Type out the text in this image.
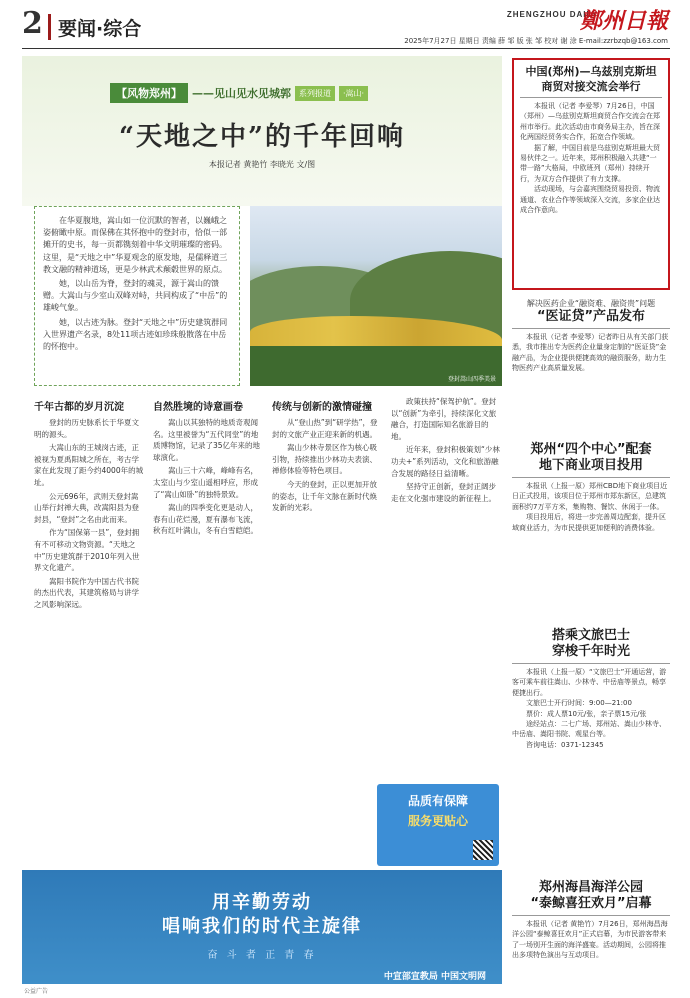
2 要闻·综合
ZHENGZHOU DAILY
鄭州日報
2025年7月27日 星期日 责编 薛 邹 版 张 邹 校对 谢 涂 E-mail:zzrbzqb@163.com
【风物郑州】 ——见山见水见城郭	系列报道	·嵩山·
“天地之中”的千年回响
本报记者 黄艳竹 李晓光 文/图

在华夏腹地，嵩山如一位沉默的智者，以巍峨之姿俯瞰中原。而保佛在其怀抱中的登封市，恰似一部摊开的史书，每一页都镌刻着中华文明璀璨的密码。这里，是“天地之中”华夏观念的原发地，是儒释道三教文融的精神道场，更是少林武术颠毂世界的原点。

她，以山岳为脊，登封的魂灵，源于嵩山的馈赠。大嵩山与少室山双峰对峙，共同构成了“中岳”的雄峻气象。

她，以古迹为脉。登封“天地之中”历史建筑群同入世界遗产名录，8处11项古迹如珍珠般散落在中岳的怀抱中。

登封嵩山四季美景
千年古都的岁月沉淀

登封的历史脉系长于华夏文明的源头。

大嵩山东的王城岗古迹，正被视为夏禹阳城之所在，考古学家在此发现了距今约4000年的城址。

公元696年，武则天登封嵩山举行封禅大典，改嵩阳县为登封县，“登封”之名由此而来。

作为“国保第一县”，登封拥有不可移动文物资源。“天地之中”历史建筑群于2010年列入世界文化遗产。

嵩阳书院作为中国古代书院的杰出代表，其建筑格局与讲学之风影响深远。

自然胜境的诗意画卷

嵩山以其独特的地质奇观闻名。这里被誉为“五代同堂”的地质博物馆，记录了35亿年来的地球演化。

嵩山三十六峰，峰峰有名，太室山与少室山遥相呼应，形成了“嵩山如卧”的独特景致。

嵩山的四季变化更是动人，春有山花烂漫，夏有瀑布飞流，秋有红叶满山，冬有白雪皑皑。

传统与创新的激情碰撞

从“登山热”到“研学热”，登封的文旅产业正迎来新的机遇。

嵩山少林寺景区作为核心吸引物，持续推出少林功夫表演、禅修体验等特色项目。

今天的登封，正以更加开放的姿态，让千年文脉在新时代焕发新的光彩。

政策扶持“保驾护航”。登封以“创新”为牵引，持续深化文旅融合，打造国际知名旅游目的地。

近年来，登封积极策划“少林功夫+”系列活动，文化和旅游融合发展的路径日益清晰。

坚持守正创新，登封正阔步走在文化强市建设的新征程上。

品质有保障
服务更贴心
用辛勤劳动
唱响我们的时代主旋律
奋 斗 者 正 青 春
中宣部宣教局 中国文明网
公益广告
中国(郑州)—乌兹别克斯坦
商贸对接交流会举行

本报讯（记者 李爱琴）7月26日，中国（郑州）—乌兹别克斯坦商贸合作交流会在郑州市举行。此次活动由市商务局主办，旨在深化两国经贸务实合作，拓宽合作领域。

据了解，中国目前是乌兹别克斯坦最大贸易伙伴之一。近年来，郑州积极融入共建“一带一路”大格局，中欧班列（郑州）持续开行，为双方合作提供了有力支撑。

活动现场，与会嘉宾围绕贸易投资、物流通道、农业合作等领域深入交流，多家企业达成合作意向。

解决医药企业“融资难、融资贵”问题
“医证贷”产品发布

本报讯（记者 李爱琴）记者昨日从有关部门获悉，我市推出专为医药企业量身定制的“医证贷”金融产品，为企业提供便捷高效的融资服务，助力生物医药产业高质量发展。

郑州“四个中心”配套
地下商业项目投用

本报讯（上报一原）郑州CBD地下商业项目近日正式投用，该项目位于郑州市郑东新区，总建筑面积约7万平方米，集购物、餐饮、休闲于一体。

项目投用后，将进一步完善周边配套，提升区域商业活力，为市民提供更加便利的消费体验。

搭乘文旅巴士
穿梭千年时光

本报讯（上报一原）“文旅巴士”开通运营，游客可乘车前往嵩山、少林寺、中岳庙等景点，畅享便捷出行。

文旅巴士开行时间：9:00—21:00

票价：成人票10元/张，亲子票15元/张

途经站点：二七广场、郑州站、嵩山少林寺、中岳庙、嵩阳书院、观星台等。

咨询电话：0371-12345

郑州海昌海洋公园
“泰鲸喜狂欢月”启幕

本报讯（记者 黄艳竹）7月26日，郑州海昌海洋公园“泰鲸喜狂欢月”正式启幕，为市民游客带来了一场别开生面的海洋盛宴。活动期间，公园将推出多项特色演出与互动项目。
